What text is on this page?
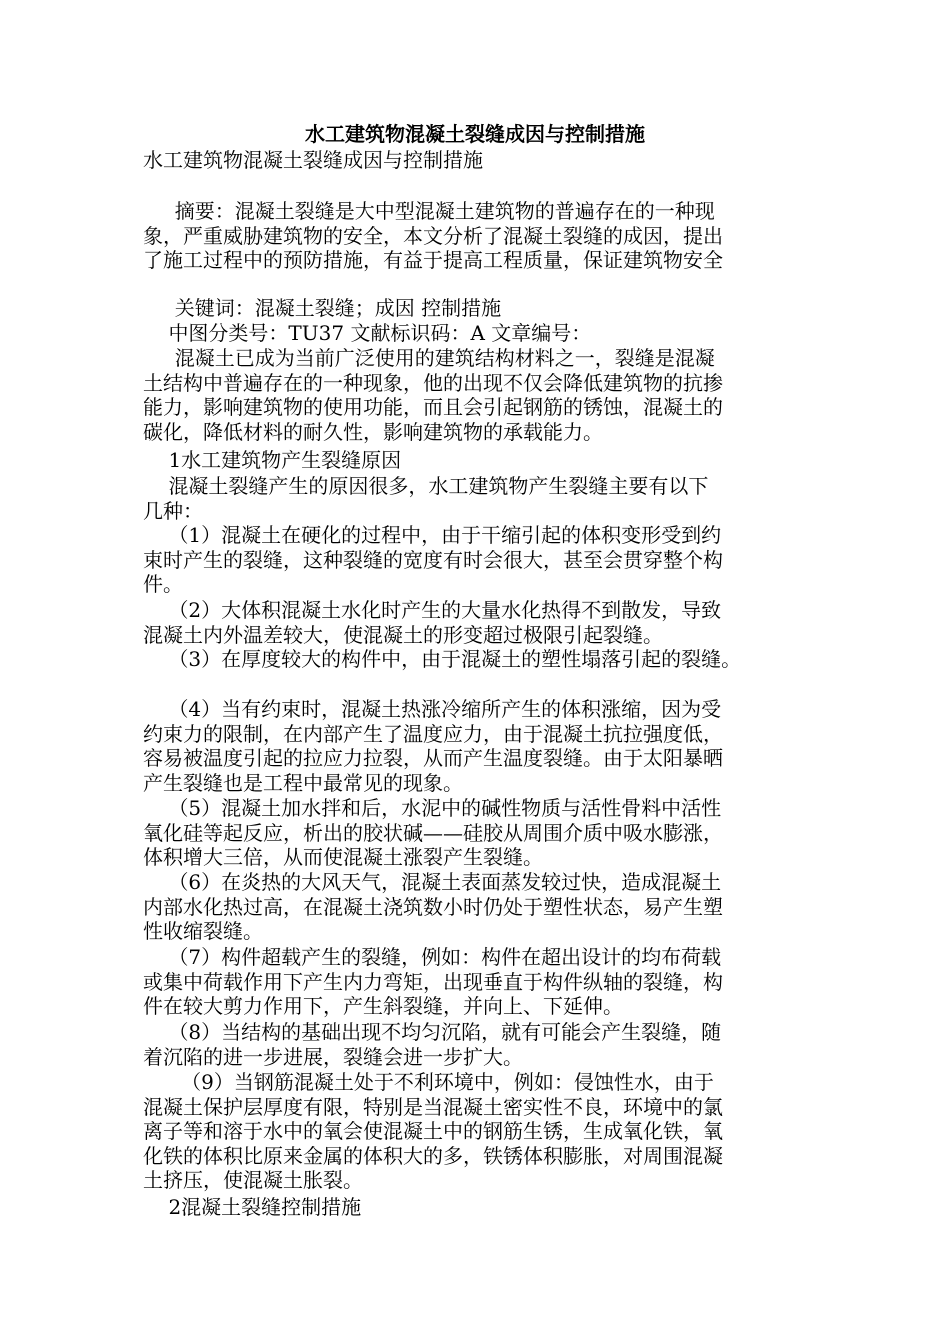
水工建筑物混凝土裂缝成因与控制措施
水工建筑物混凝土裂缝成因与控制措施
摘要：混凝土裂缝是大中型混凝土建筑物的普遍存在的一种现
象，严重威胁建筑物的安全，本文分析了混凝土裂缝的成因，提出
了施工过程中的预防措施，有益于提高工程质量，保证建筑物安全
关键词：混凝土裂缝；成因 控制措施
中图分类号：TU37 文献标识码：A 文章编号：
混凝土已成为当前广泛使用的建筑结构材料之一，裂缝是混凝
土结构中普遍存在的一种现象，他的出现不仅会降低建筑物的抗掺
能力，影响建筑物的使用功能，而且会引起钢筋的锈蚀，混凝土的
碳化，降低材料的耐久性，影响建筑物的承载能力。
1水工建筑物产生裂缝原因
混凝土裂缝产生的原因很多，水工建筑物产生裂缝主要有以下
几种：
（1）混凝土在硬化的过程中，由于干缩引起的体积变形受到约
束时产生的裂缝，这种裂缝的宽度有时会很大，甚至会贯穿整个构
件。
（2）大体积混凝土水化时产生的大量水化热得不到散发，导致
混凝土内外温差较大，使混凝土的形变超过极限引起裂缝。
（3）在厚度较大的构件中，由于混凝土的塑性塌落引起的裂缝。
（4）当有约束时，混凝土热涨冷缩所产生的体积涨缩，因为受
约束力的限制，在内部产生了温度应力，由于混凝土抗拉强度低，
容易被温度引起的拉应力拉裂，从而产生温度裂缝。由于太阳暴晒
产生裂缝也是工程中最常见的现象。
（5）混凝土加水拌和后，水泥中的碱性物质与活性骨料中活性
氧化硅等起反应，析出的胶状碱——硅胶从周围介质中吸水膨涨，
体积增大三倍，从而使混凝土涨裂产生裂缝。
（6）在炎热的大风天气，混凝土表面蒸发较过快，造成混凝土
内部水化热过高，在混凝土浇筑数小时仍处于塑性状态，易产生塑
性收缩裂缝。
（7）构件超载产生的裂缝，例如：构件在超出设计的均布荷载
或集中荷载作用下产生内力弯矩，出现垂直于构件纵轴的裂缝，构
件在较大剪力作用下，产生斜裂缝，并向上、下延伸。
（8）当结构的基础出现不均匀沉陷，就有可能会产生裂缝，随
着沉陷的进一步进展，裂缝会进一步扩大。
（9）当钢筋混凝土处于不利环境中，例如：侵蚀性水，由于
混凝土保护层厚度有限，特别是当混凝土密实性不良，环境中的氯
离子等和溶于水中的氧会使混凝土中的钢筋生锈，生成氧化铁，氧
化铁的体积比原来金属的体积大的多，铁锈体积膨胀，对周围混凝
土挤压，使混凝土胀裂。
2混凝土裂缝控制措施
